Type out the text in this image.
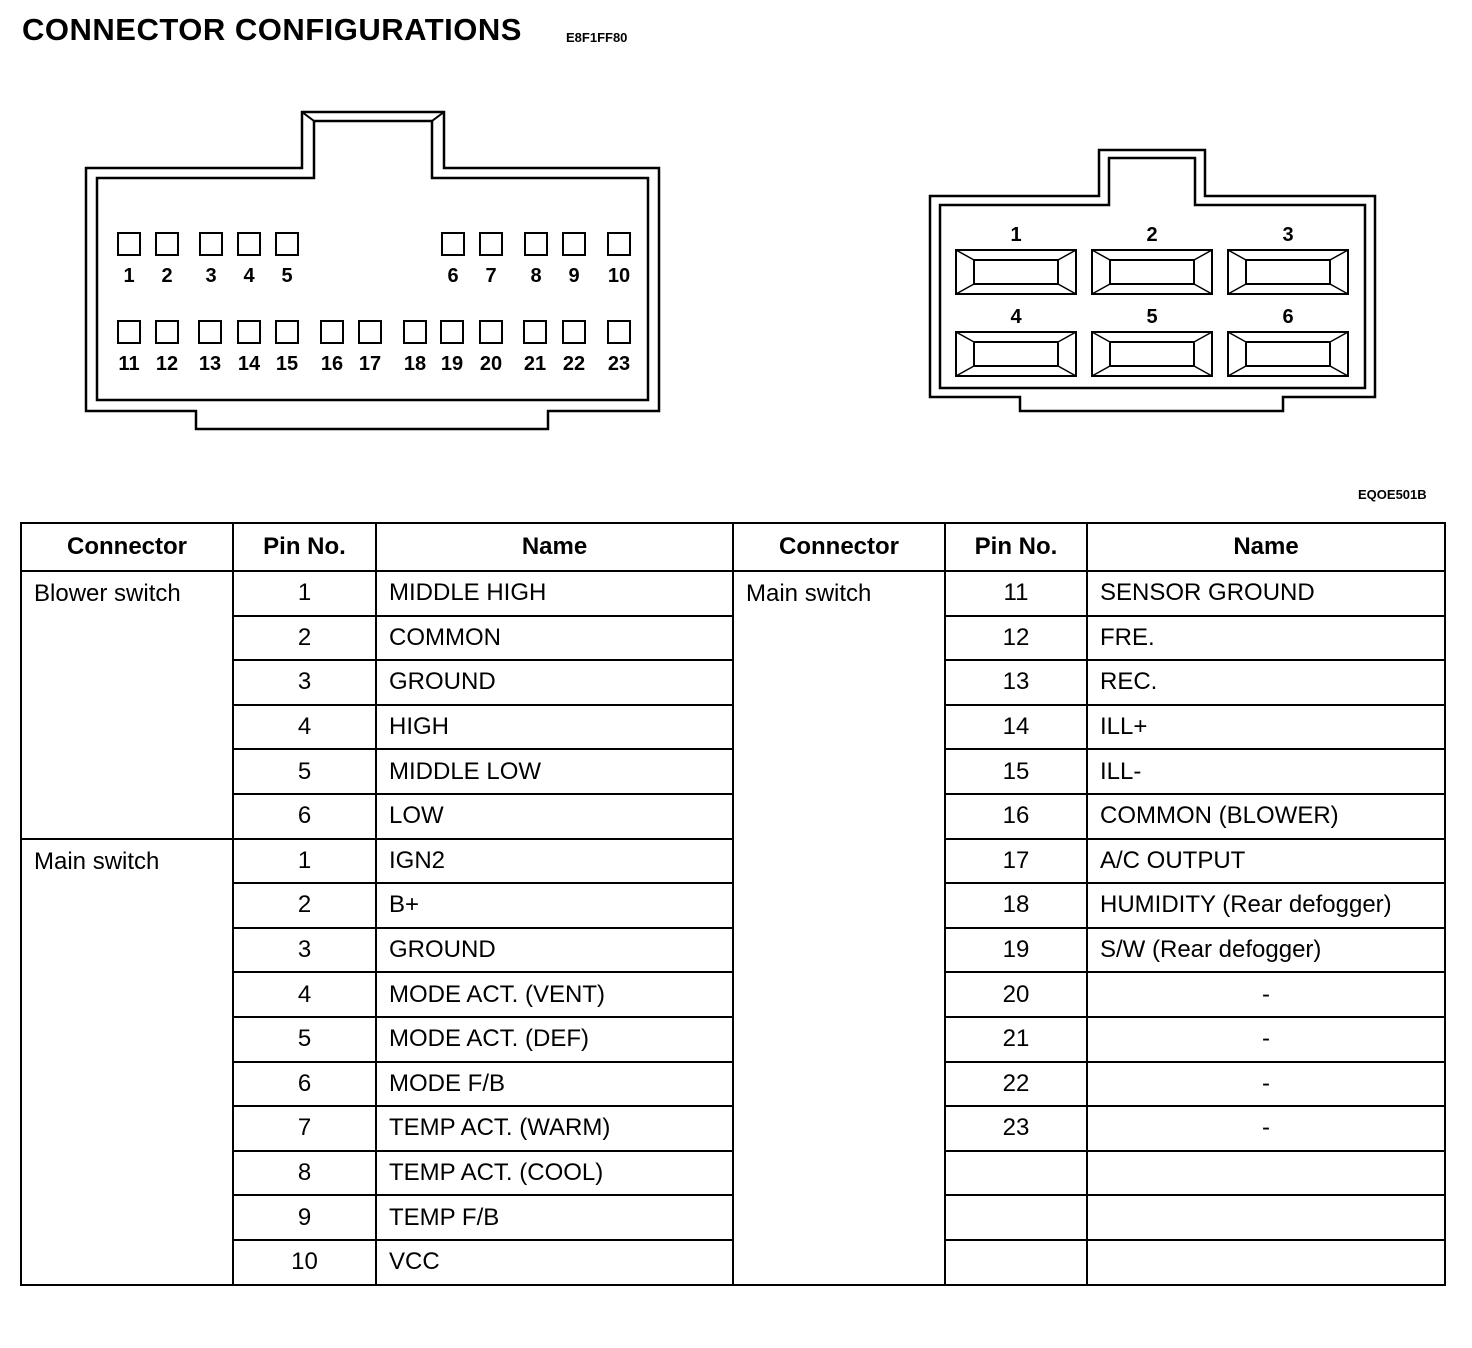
CONNECTOR CONFIGURATIONS	E8F1FF80
EQOE501B
1 2 3 4 5	6 7 8 9 10
11 12 13 14 15 16 17 18 19 20 21 22 23
1	2	3
4	5	6
Connector	Pin No.	Name
Blower switch	1	MIDDLE HIGH
	2	COMMON
	3	GROUND
	4	HIGH
	5	MIDDLE LOW
	6	LOW
Main switch	1	IGN2
	2	B+
	3	GROUND
	4	MODE ACT. (VENT)
	5	MODE ACT. (DEF)
	6	MODE F/B
	7	TEMP ACT. (WARM)
	8	TEMP ACT. (COOL)
	9	TEMP F/B
	10	VCC
Connector	Pin No.	Name
Main switch	11	SENSOR GROUND
	12	FRE.
	13	REC.
	14	ILL+
	15	ILL-
	16	COMMON (BLOWER)
	17	A/C OUTPUT
	18	HUMIDITY (Rear defogger)
	19	S/W (Rear defogger)
	20	-
	21	-
	22	-
	23	-
